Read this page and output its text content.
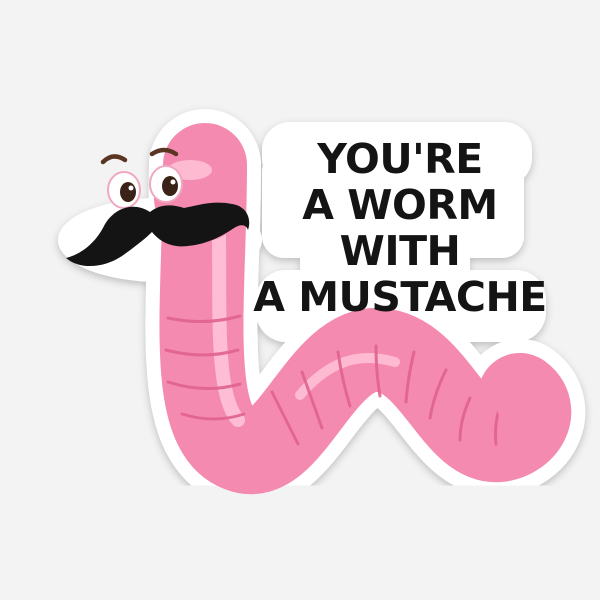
YOU'RE
A WORM
WITH
A MUSTACHE
